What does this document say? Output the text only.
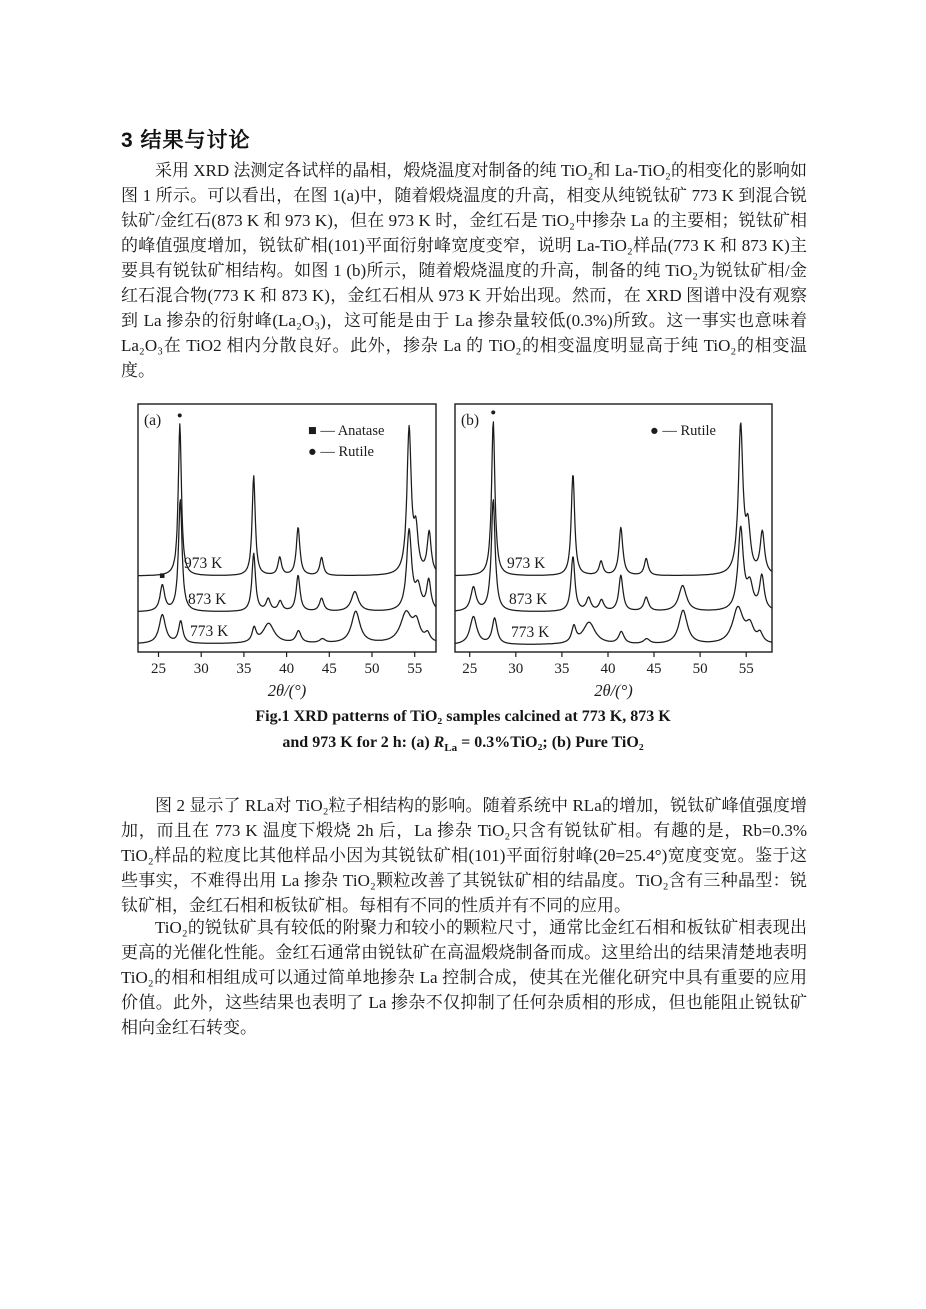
3 结果与讨论
采用 XRD 法测定各试样的晶相，煅烧温度对制备的纯 TiO₂和 La-TiO₂的相变化的影响如图 1 所示。可以看出，在图 1(a)中，随着煅烧温度的升高，相变从纯锐钛矿 773 K 到混合锐钛矿/金红石(873 K 和 973 K)，但在 973 K 时，金红石是 TiO₂中掺杂 La 的主要相；锐钛矿相的峰值强度增加，锐钛矿相(101)平面衍射峰宽度变窄，说明 La-TiO₂样品(773 K 和 873 K)主要具有锐钛矿相结构。如图 1 (b)所示，随着煅烧温度的升高，制备的纯 TiO₂为锐钛矿相/金红石混合物(773 K 和 873 K)，金红石相从 973 K 开始出现。然而，在 XRD 图谱中没有观察到 La 掺杂的衍射峰(La₂O₃)，这可能是由于 La 掺杂量较低(0.3%)所致。这一事实也意味着 La₂O₃在 TiO2 相内分散良好。此外，掺杂 La 的 TiO₂的相变温度明显高于纯 TiO₂的相变温度。
25 30 35 40 45 50 55
2θ/(°)
973 K
873 K
773 K
■ — Anatase
● — Rutile
(a) ●
■
25 30 35 40 45 50 55
2θ/(°)
973 K
873 K
773 K
● — Rutile
(b) ●
Fig.1 XRD patterns of TiO₂ samples calcined at 773 K, 873 K
and 973 K for 2 h: (a) $R_{La} = 0.3\%TiO_2$; (b) Pure TiO₂
图 2 显示了 RLa对 TiO₂粒子相结构的影响。随着系统中 RLa的增加，锐钛矿峰值强度增加，而且在 773 K 温度下煅烧 2h 后，La 掺杂 TiO₂只含有锐钛矿相。有趣的是，Rb=0.3% TiO₂样品的粒度比其他样品小因为其锐钛矿相(101)平面衍射峰(2θ=25.4°)宽度变宽。鉴于这些事实，不难得出用 La 掺杂 TiO₂颗粒改善了其锐钛矿相的结晶度。TiO₂含有三种晶型：锐钛矿相，金红石相和板钛矿相。每相有不同的性质并有不同的应用。
TiO₂的锐钛矿具有较低的附聚力和较小的颗粒尺寸，通常比金红石相和板钛矿相表现出更高的光催化性能。金红石通常由锐钛矿在高温煅烧制备而成。这里给出的结果清楚地表明TiO₂的相和相组成可以通过简单地掺杂 La 控制合成，使其在光催化研究中具有重要的应用价值。此外，这些结果也表明了 La 掺杂不仅抑制了任何杂质相的形成，但也能阻止锐钛矿相向金红石转变。
